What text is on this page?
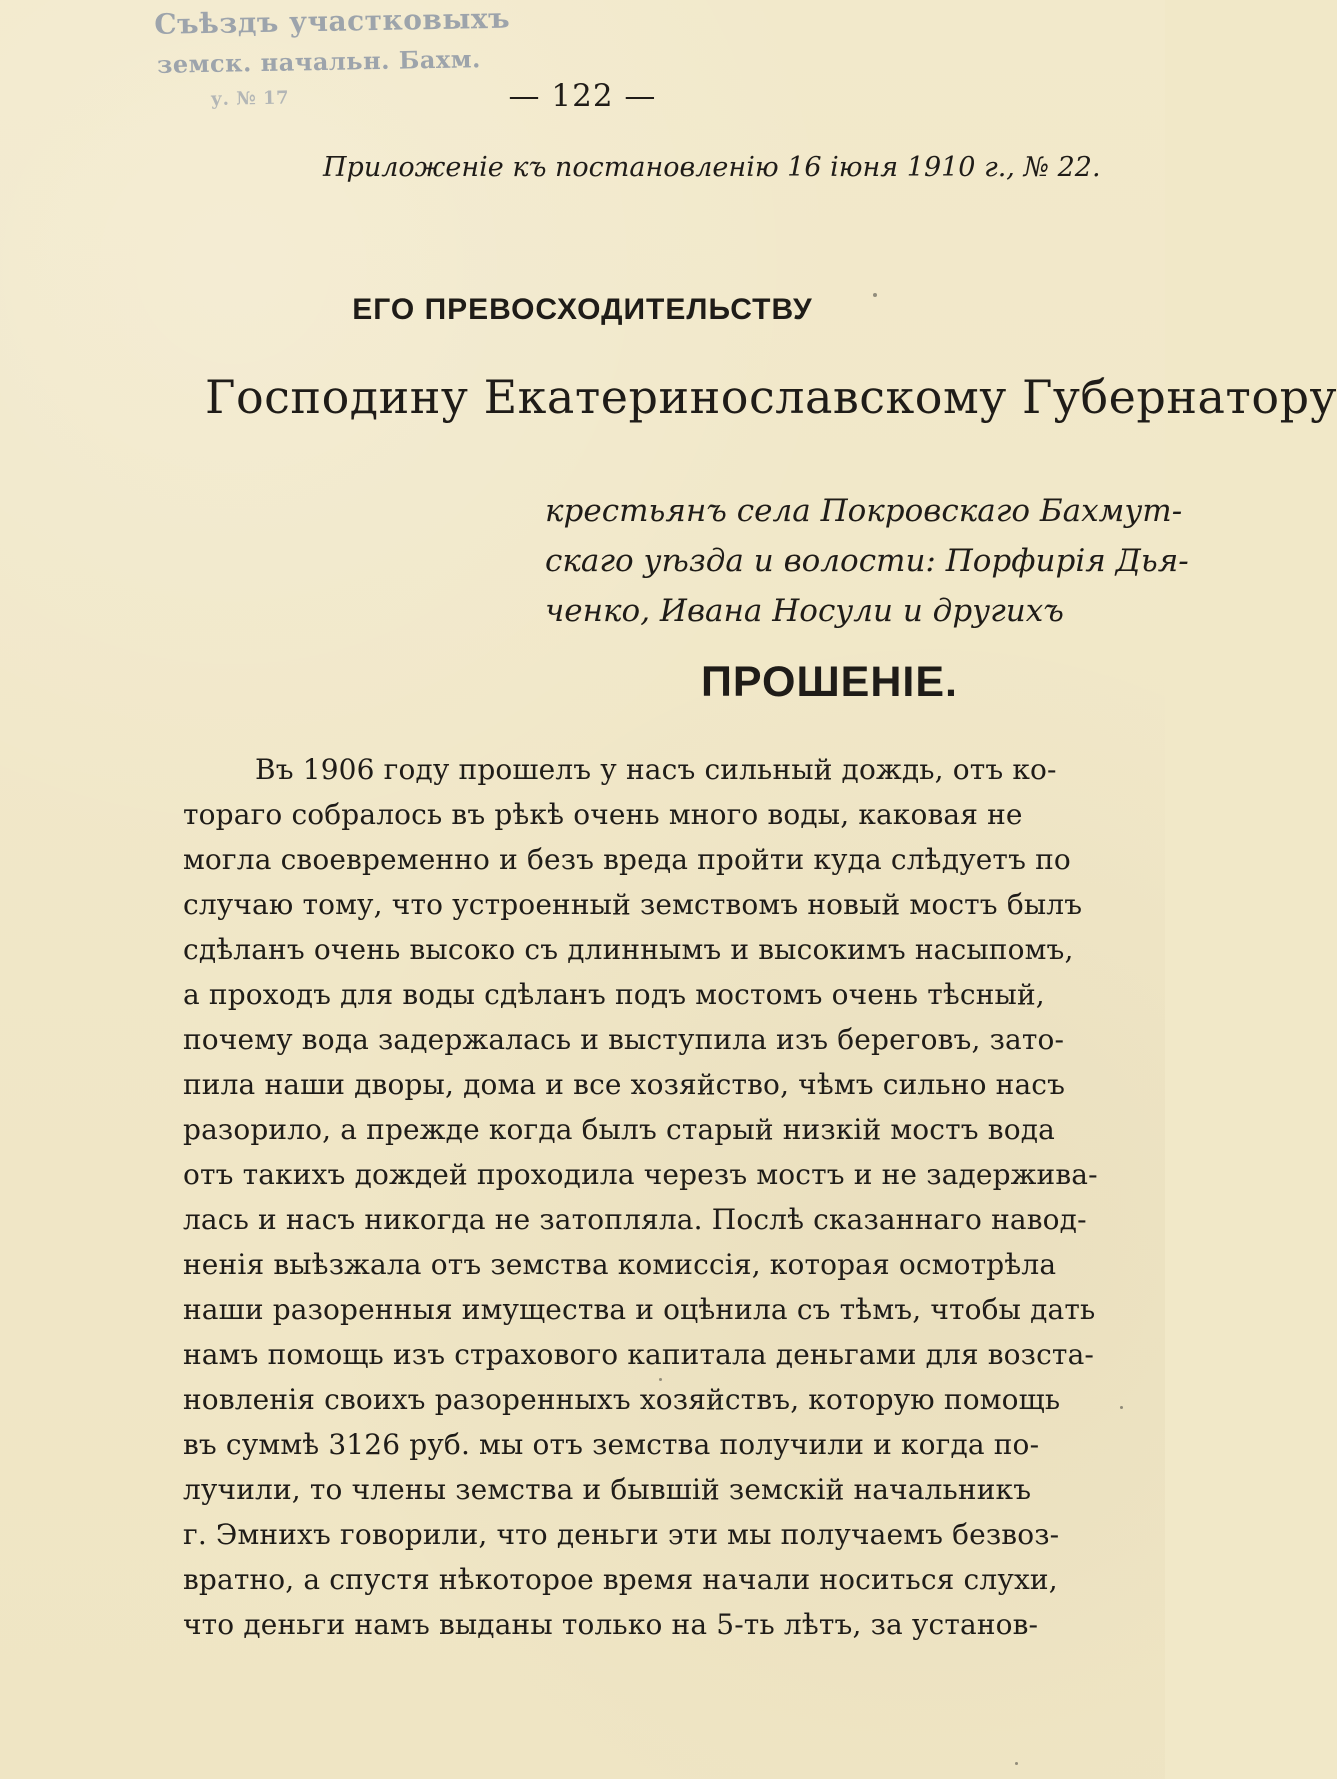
Съѣздъ участковыхъ
земск. начальн. Бахм.
у. № 17	— 122 —
Приложенiе къ постановленiю 16 iюня 1910 г., № 22.
ЕГО ПРЕВОСХОДИТЕЛЬСТВУ
Господину Екатеринославскому Губернатору
крестьянъ села Покровскаго Бахмут-
скаго уѣзда и волости: Порфирiя Дья-
ченко, Ивана Носули и другихъ
ПРОШЕНIЕ.
Въ 1906 году прошелъ у насъ сильный дождь, отъ ко-
тораго собралось въ рѣкѣ очень много воды, каковая не
могла своевременно и безъ вреда пройти куда слѣдуетъ по
случаю тому, что устроенный земствомъ новый мостъ былъ
сдѣланъ очень высоко съ длиннымъ и высокимъ насыпомъ,
а проходъ для воды сдѣланъ подъ мостомъ очень тѣсный,
почему вода задержалась и выступила изъ береговъ, зато-
пила наши дворы, дома и все хозяйство, чѣмъ сильно насъ
разорило, а прежде когда былъ старый низкiй мостъ вода
отъ такихъ дождей проходила черезъ мостъ и не задержива-
лась и насъ никогда не затопляла. Послѣ сказаннаго навод-
ненiя выѣзжала отъ земства комиссiя, которая осмотрѣла
наши разоренныя имущества и оцѣнила съ тѣмъ, чтобы дать
намъ помощь изъ страхового капитала деньгами для возста-
новленiя своихъ разоренныхъ хозяйствъ, которую помощь
въ суммѣ 3126 руб. мы отъ земства получили и когда по-
лучили, то члены земства и бывшiй земскiй начальникъ
г. Эмнихъ говорили, что деньги эти мы получаемъ безвоз-
вратно, а спустя нѣкоторое время начали носиться слухи,
что деньги намъ выданы только на 5-ть лѣтъ, за установ-
